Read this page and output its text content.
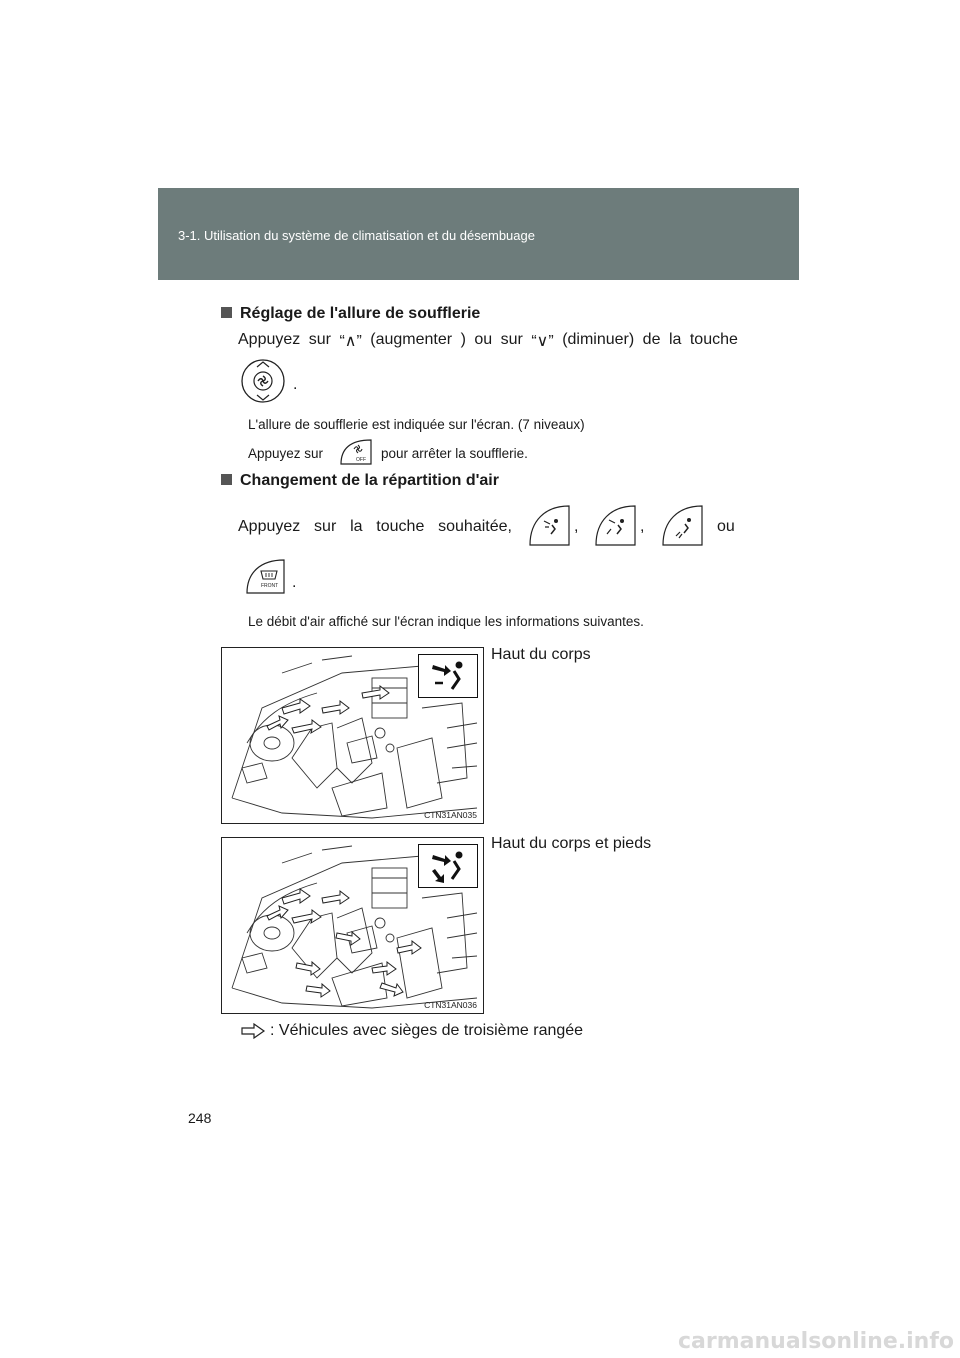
3-1. Utilisation du système de climatisation et du désembuage
Réglage de l'allure de soufflerie
Appuyez sur “∧” (augmenter ) ou sur “∨” (diminuer) de la touche
.
L'allure de soufflerie est indiquée sur l'écran. (7 niveaux)
Appuyez sur	OFF pour arrêter la soufflerie.
Changement de la répartition d'air
Appuyez sur la touche souhaitée,	,	,	ou
FRONT .
Le débit d'air affiché sur l'écran indique les informations suivantes.
CTN31AN035
Haut du corps
CTN31AN036
Haut du corps et pieds
: Véhicules avec sièges de troisième rangée
248
carmanualsonline.info
